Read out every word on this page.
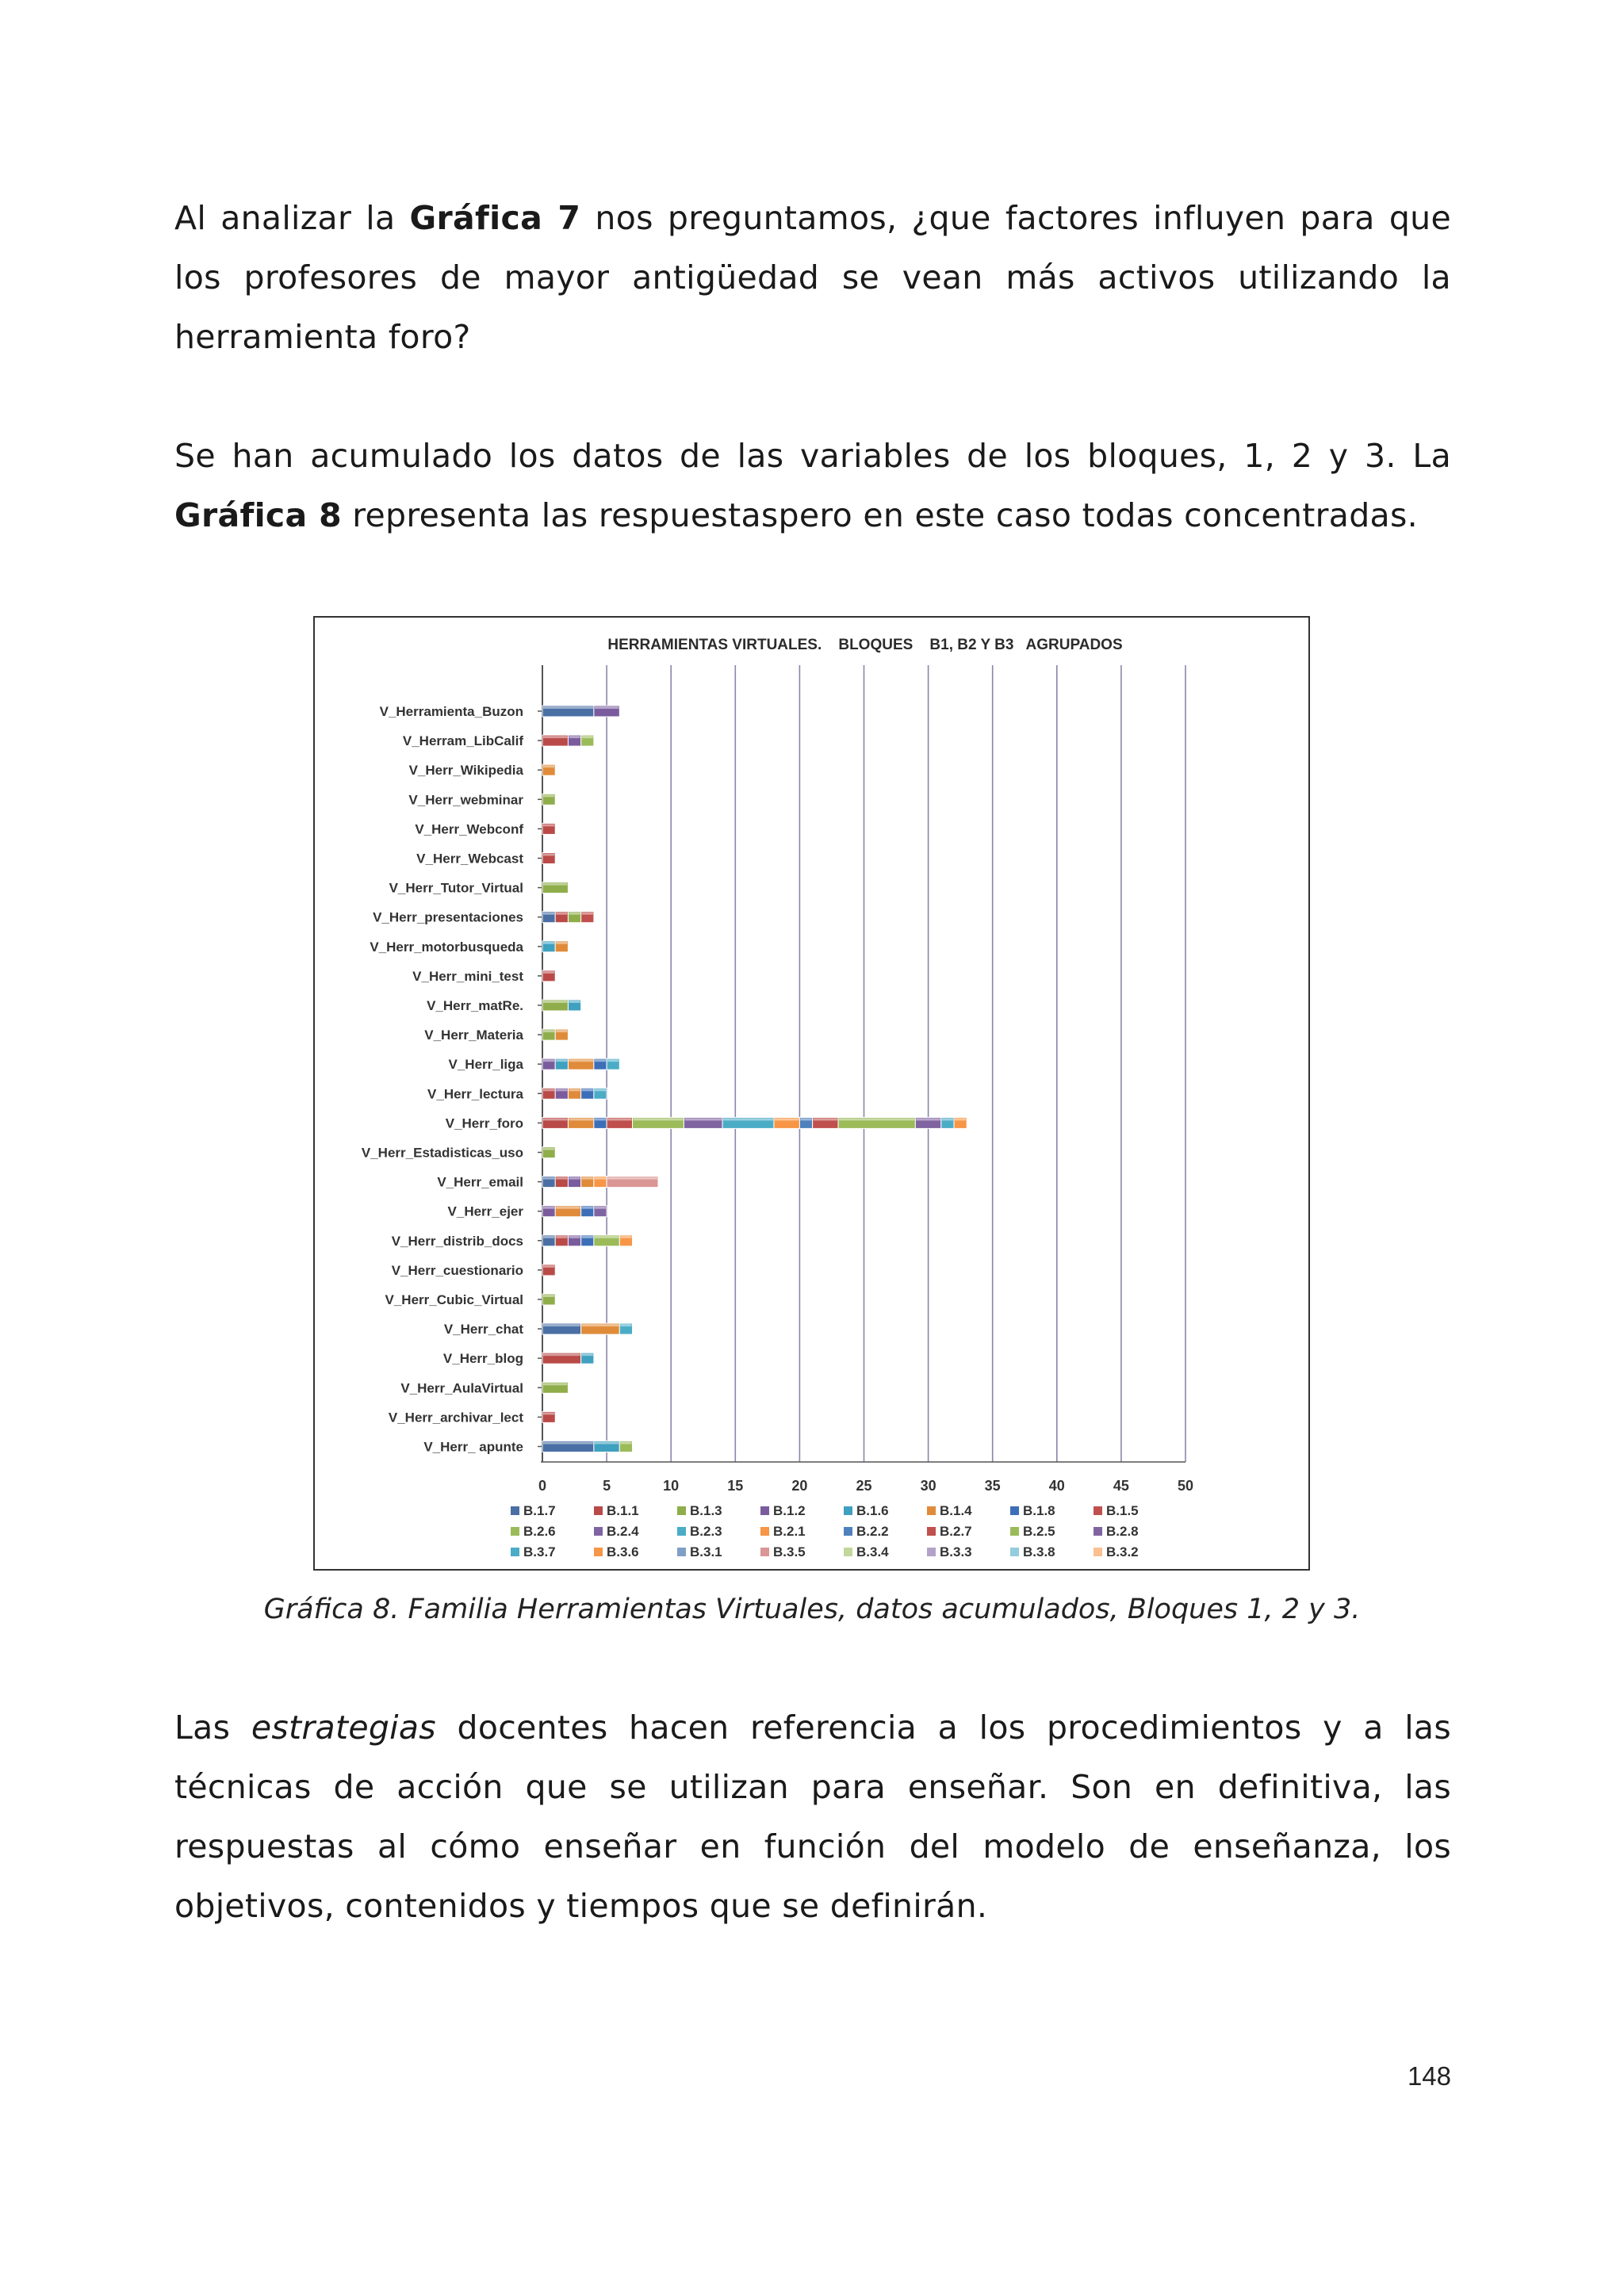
Al analizar la Gráfica 7 nos preguntamos, ¿que factores influyen para que los profesores de mayor antigüedad se vean más activos utilizando la herramienta foro?
Se han acumulado los datos de las variables de los bloques, 1, 2 y 3. La Gráfica 8 representa las respuestaspero en este caso todas concentradas.
HERRAMIENTAS VIRTUALES.    BLOQUES    B1, B2 Y B3   AGRUPADOS
V_Herramienta_Buzon
V_Herram_LibCalif
V_Herr_Wikipedia
V_Herr_webminar
V_Herr_Webconf
V_Herr_Webcast
V_Herr_Tutor_Virtual
V_Herr_presentaciones
V_Herr_motorbusqueda
V_Herr_mini_test
V_Herr_matRe.
V_Herr_Materia
V_Herr_liga
V_Herr_lectura
V_Herr_foro
V_Herr_Estadisticas_uso
V_Herr_email
V_Herr_ejer
V_Herr_distrib_docs
V_Herr_cuestionario
V_Herr_Cubic_Virtual
V_Herr_chat
V_Herr_blog
V_Herr_AulaVirtual
V_Herr_archivar_lect
V_Herr_ apunte
0	5	10	15	20	25	30	35	40	45	50
B.1.7	B.1.1	B.1.3	B.1.2	B.1.6	B.1.4	B.1.8	B.1.5
B.2.6	B.2.4	B.2.3	B.2.1	B.2.2	B.2.7	B.2.5	B.2.8
B.3.7	B.3.6	B.3.1	B.3.5	B.3.4	B.3.3	B.3.8	B.3.2
Gráfica 8. Familia Herramientas Virtuales, datos acumulados, Bloques 1, 2 y 3.
Las estrategias docentes hacen referencia a los procedimientos y a las técnicas de acción que se utilizan para enseñar. Son en definitiva, las respuestas al cómo enseñar en función del modelo de enseñanza, los objetivos, contenidos y tiempos que se definirán.
148
